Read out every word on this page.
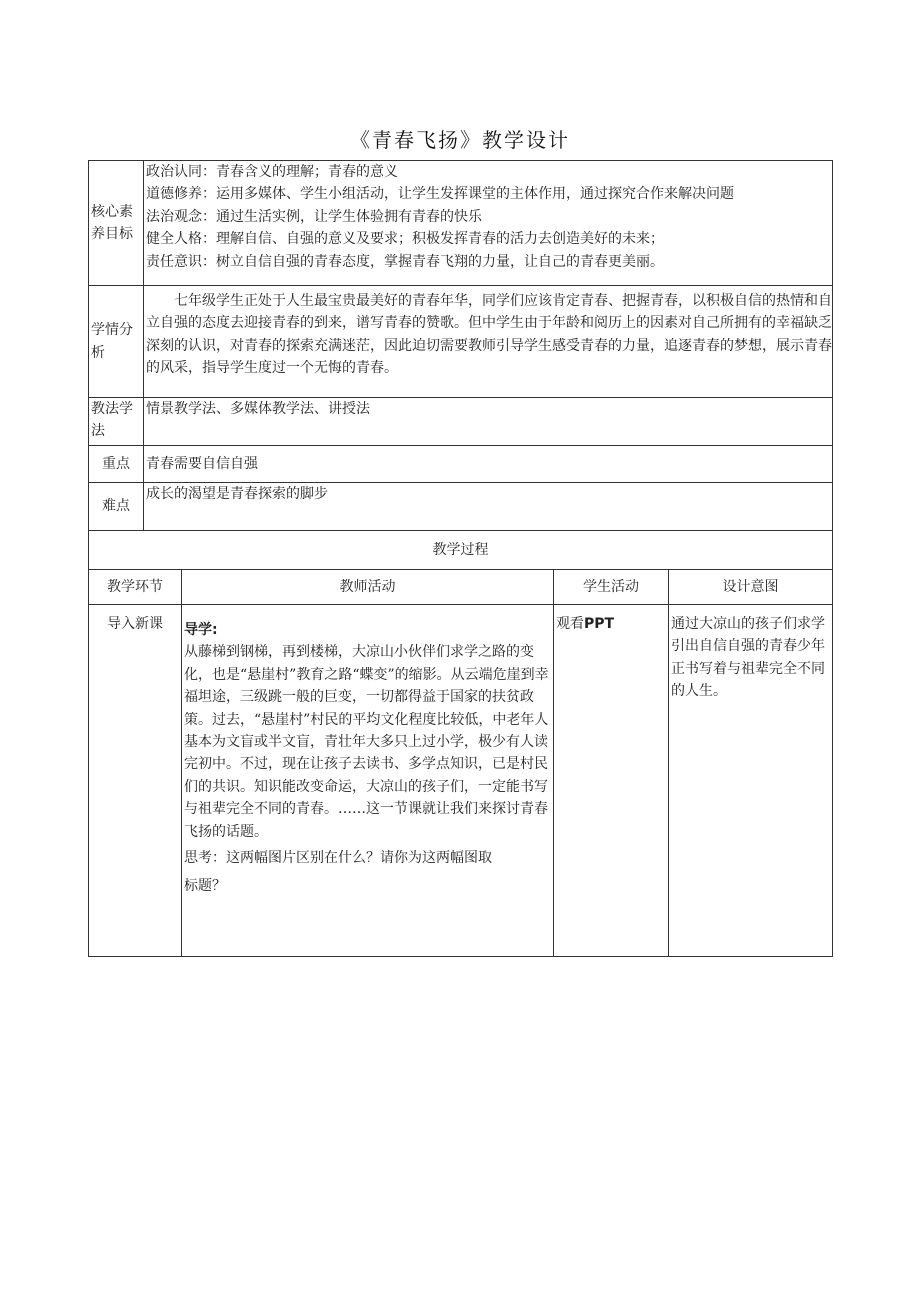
《青春飞扬》教学设计
核心素养目标	政治认同：青春含义的理解；青春的意义
道德修养：运用多媒体、学生小组活动，让学生发挥课堂的主体作用，通过探究合作来解决问题
法治观念：通过生活实例，让学生体验拥有青春的快乐
健全人格：理解自信、自强的意义及要求；积极发挥青春的活力去创造美好的未来；
责任意识：树立自信自强的青春态度，掌握青春飞翔的力量，让自己的青春更美丽。

学情分析	七年级学生正处于人生最宝贵最美好的青春年华，同学们应该肯定青春、把握青春，以积极自信的热情和自立自强的态度去迎接青春的到来，谱写青春的赞歌。但中学生由于年龄和阅历上的因素对自己所拥有的幸福缺乏深刻的认识，对青春的探索充满迷茫，因此迫切需要教师引导学生感受青春的力量，追逐青春的梦想，展示青春的风采，指导学生度过一个无悔的青春。
教法学法	情景教学法、多媒体教学法、讲授法
重点	青春需要自信自强
难点	成长的渴望是青春探索的脚步
教学过程			
教学环节	教师活动	学生活动	设计意图
导入新课	导学:
从藤梯到钢梯，再到楼梯，大凉山小伙伴们求学之路的变化，也是“悬崖村”教育之路“蝶变”的缩影。从云端危崖到幸福坦途，三级跳一般的巨变，一切都得益于国家的扶贫政策。过去，“悬崖村”村民的平均文化程度比较低，中老年人基本为文盲或半文盲，青壮年大多只上过小学，极少有人读完初中。不过，现在让孩子去读书、多学点知识，已是村民们的共识。知识能改变命运，大凉山的孩子们，一定能书写与祖辈完全不同的青春。……这一节课就让我们来探讨青春飞扬的话题。
思考：这两幅图片区别在什么？请你为这两幅图取
标题？	观看PPT	通过大凉山的孩子们求学引出自信自强的青春少年正书写着与祖辈完全不同的人生。
